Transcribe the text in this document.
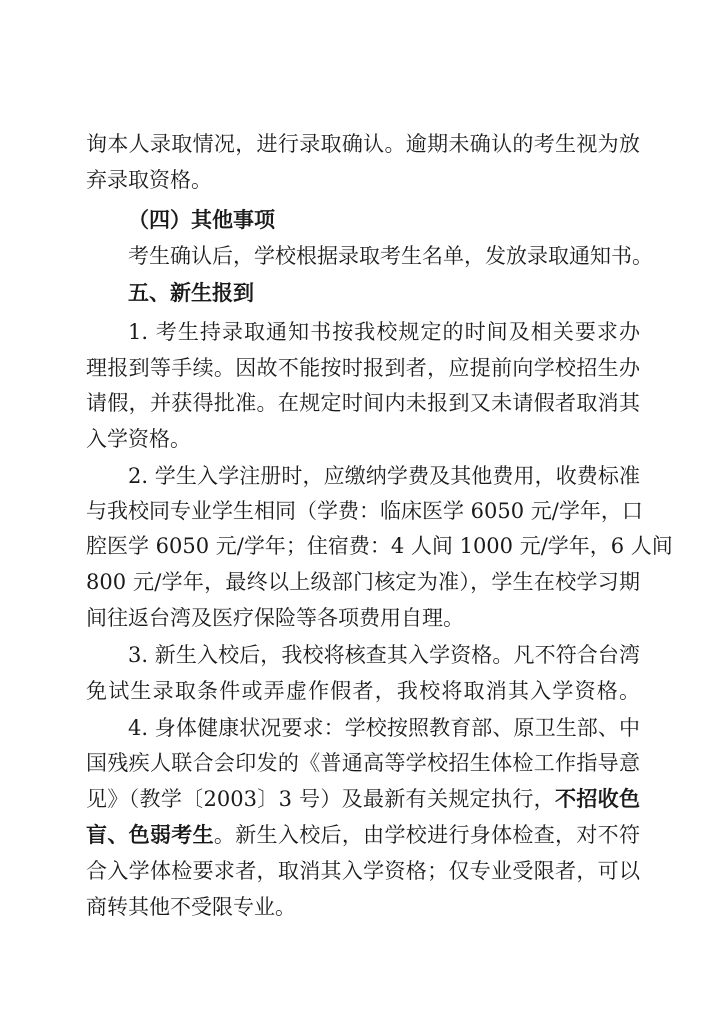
询本人录取情况，进行录取确认。逾期未确认的考生视为放
弃录取资格。
（四）其他事项
考生确认后，学校根据录取考生名单，发放录取通知书。
五、新生报到
1. 考生持录取通知书按我校规定的时间及相关要求办
理报到等手续。因故不能按时报到者，应提前向学校招生办
请假，并获得批准。在规定时间内未报到又未请假者取消其
入学资格。
2. 学生入学注册时，应缴纳学费及其他费用，收费标准
与我校同专业学生相同（学费：临床医学 6050 元/学年，口
腔医学 6050 元/学年；住宿费：4 人间 1000 元/学年，6 人间
800 元/学年，最终以上级部门核定为准），学生在校学习期
间往返台湾及医疗保险等各项费用自理。
3. 新生入校后，我校将核查其入学资格。凡不符合台湾
免试生录取条件或弄虚作假者，我校将取消其入学资格。
4. 身体健康状况要求：学校按照教育部、原卫生部、中
国残疾人联合会印发的《普通高等学校招生体检工作指导意
见》（教学〔2003〕3 号）及最新有关规定执行，不招收色
盲、色弱考生。新生入校后，由学校进行身体检查，对不符
合入学体检要求者，取消其入学资格；仅专业受限者，可以
商转其他不受限专业。
